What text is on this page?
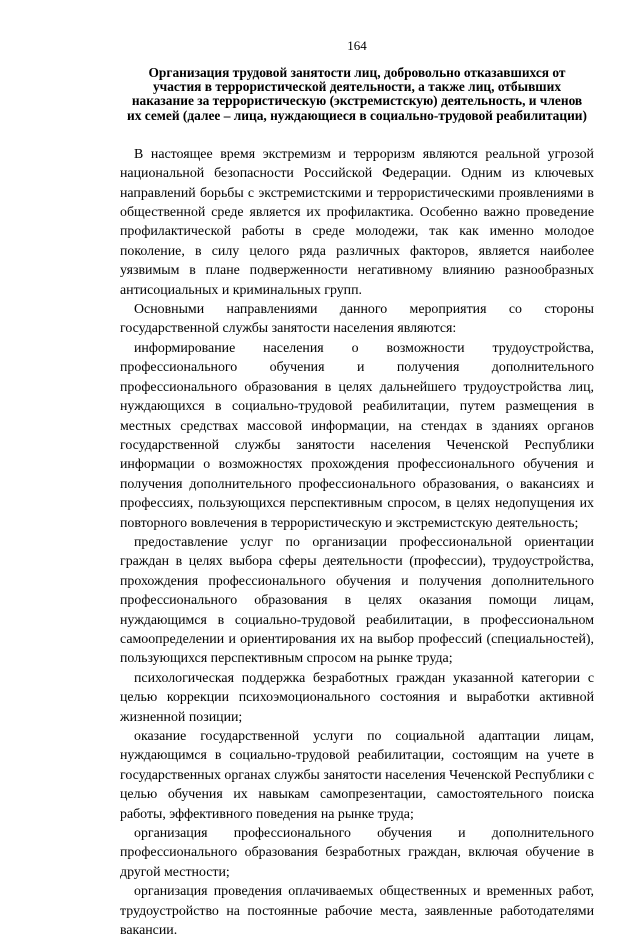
164
Организация трудовой занятости лиц, добровольно отказавшихся от участия в террористической деятельности, а также лиц, отбывших наказание за террористическую (экстремистскую) деятельность, и членов их семей (далее – лица, нуждающиеся в социально-трудовой реабилитации)

В настоящее время экстремизм и терроризм являются реальной угрозой национальной безопасности Российской Федерации. Одним из ключевых направлений борьбы с экстремистскими и террористическими проявлениями в общественной среде является их профилактика. Особенно важно проведение профилактической работы в среде молодежи, так как именно молодое поколение, в силу целого ряда различных факторов, является наиболее уязвимым в плане подверженности негативному влиянию разнообразных антисоциальных и криминальных групп.

Основными направлениями данного мероприятия со стороны государственной службы занятости населения являются:

информирование населения о возможности трудоустройства, профессионального обучения и получения дополнительного профессионального образования в целях дальнейшего трудоустройства лиц, нуждающихся в социально-трудовой реабилитации, путем размещения в местных средствах массовой информации, на стендах в зданиях органов государственной службы занятости населения Чеченской Республики информации о возможностях прохождения профессионального обучения и получения дополнительного профессионального образования, о вакансиях и профессиях, пользующихся перспективным спросом, в целях недопущения их повторного вовлечения в террористическую и экстремистскую деятельность;

предоставление услуг по организации профессиональной ориентации граждан в целях выбора сферы деятельности (профессии), трудоустройства, прохождения профессионального обучения и получения дополнительного профессионального образования в целях оказания помощи лицам, нуждающимся в социально-трудовой реабилитации, в профессиональном самоопределении и ориентирования их на выбор профессий (специальностей), пользующихся перспективным спросом на рынке труда;

психологическая поддержка безработных граждан указанной категории с целью коррекции психоэмоционального состояния и выработки активной жизненной позиции;

оказание государственной услуги по социальной адаптации лицам, нуждающимся в социально-трудовой реабилитации, состоящим на учете в государственных органах службы занятости населения Чеченской Республики с целью обучения их навыкам самопрезентации, самостоятельного поиска работы, эффективного поведения на рынке труда;

организация профессионального обучения и дополнительного профессионального образования безработных граждан, включая обучение в другой местности;

организация проведения оплачиваемых общественных и временных работ, трудоустройство на постоянные рабочие места, заявленные работодателями вакансии.
